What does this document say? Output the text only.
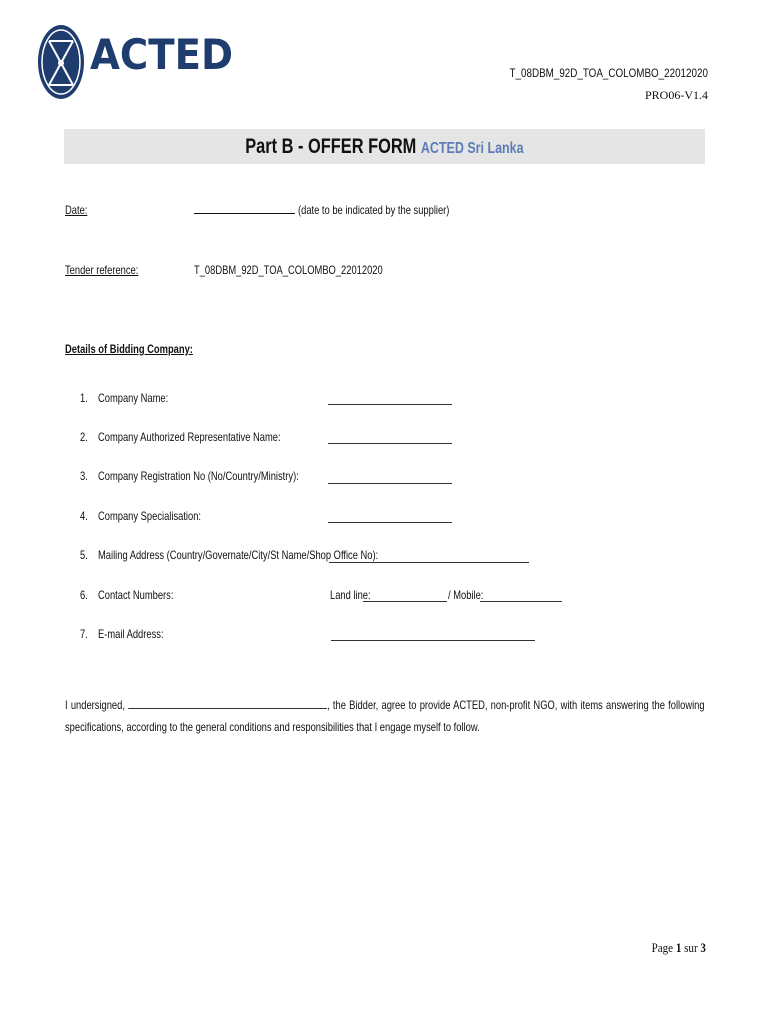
ACTED	T_08DBM_92D_TOA_COLOMBO_22012020
PRO06-V1.4
Part B - OFFER FORM ACTED Sri Lanka
Date:	(date to be indicated by the supplier)
Tender reference:	T_08DBM_92D_TOA_COLOMBO_22012020
Details of Bidding Company:
1. Company Name:
2. Company Authorized Representative Name:
3. Company Registration No (No/Country/Ministry):
4. Company Specialisation:
5. Mailing Address (Country/Governate/City/St Name/Shop Office No):
6. Contact Numbers:	Land line:	/ Mobile:
7. E-mail Address:
I undersigned,	, the Bidder, agree to provide ACTED, non-profit NGO, with items answering the following specifications, according to the general conditions and responsibilities that I engage myself to follow.
Page 1 sur 3
